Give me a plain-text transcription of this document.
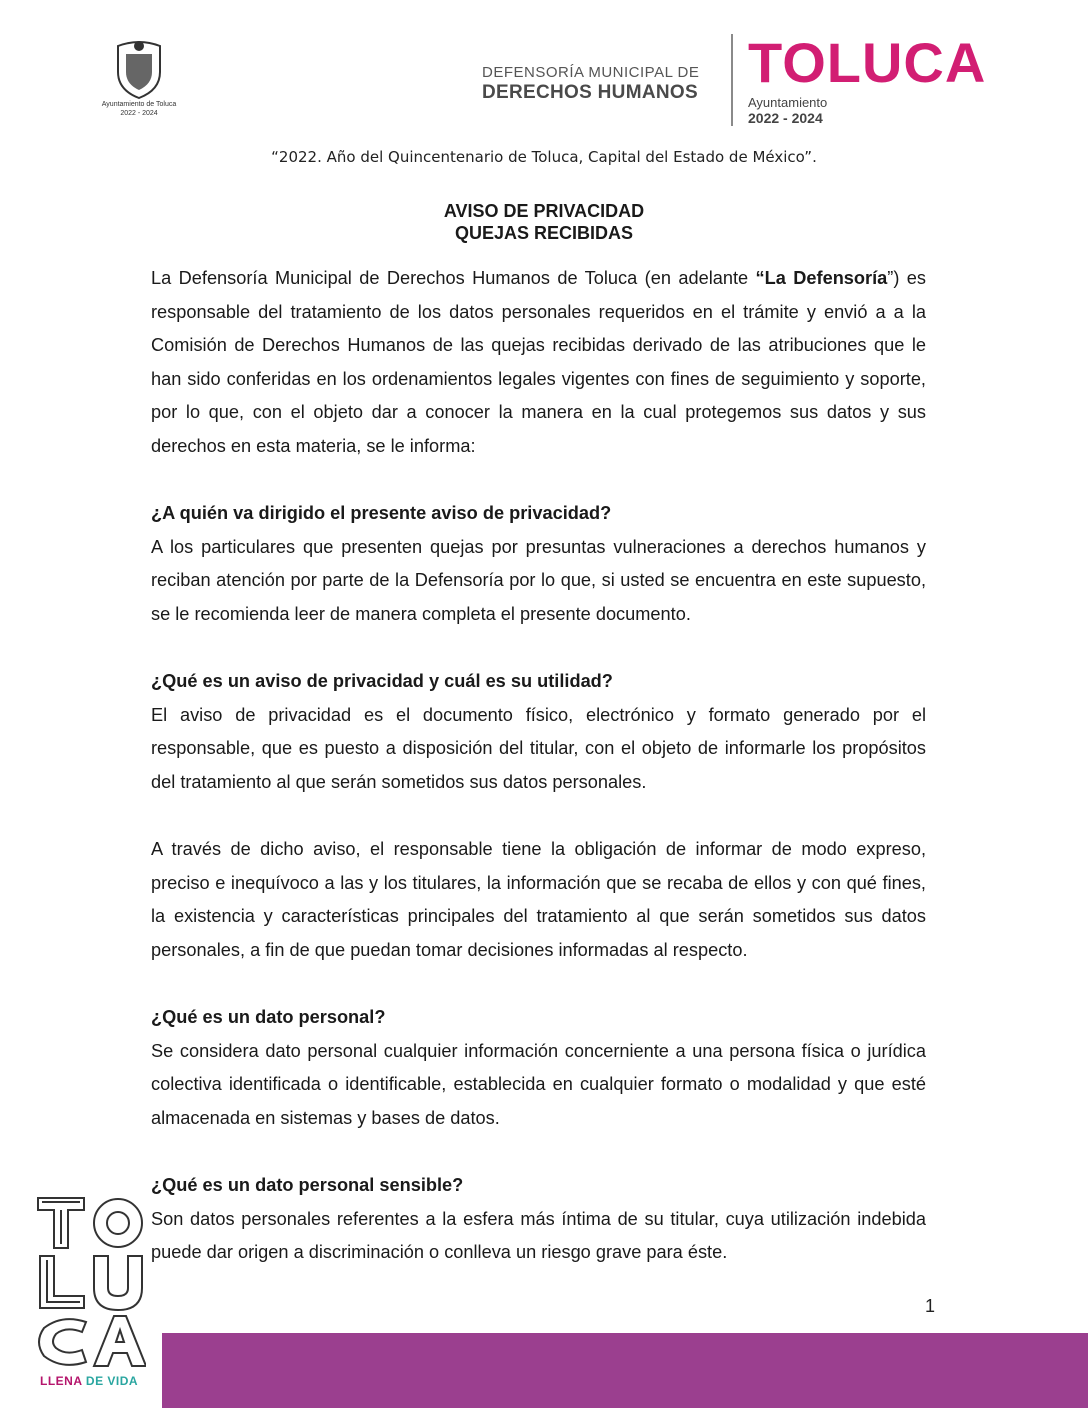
Ayuntamiento de Toluca
2022 - 2024
DEFENSORÍA MUNICIPAL DE
DERECHOS HUMANOS TOLUCA
Ayuntamiento
2022 - 2024
“2022. Año del Quincentenario de Toluca, Capital del Estado de México”.
AVISO DE PRIVACIDAD
QUEJAS RECIBIDAS

La Defensoría Municipal de Derechos Humanos de Toluca (en adelante “La Defensoría”) es responsable del tratamiento de los datos personales requeridos en el trámite y envió a a la Comisión de Derechos Humanos de las quejas recibidas derivado de las atribuciones que le han sido conferidas en los ordenamientos legales vigentes con fines de seguimiento y soporte, por lo que, con el objeto dar a conocer la manera en la cual protegemos sus datos y sus derechos en esta materia, se le informa:

¿A quién va dirigido el presente aviso de privacidad?

A los particulares que presenten quejas por presuntas vulneraciones a derechos humanos y reciban atención por parte de la Defensoría por lo que, si usted se encuentra en este supuesto, se le recomienda leer de manera completa el presente documento.

¿Qué es un aviso de privacidad y cuál es su utilidad?

El aviso de privacidad es el documento físico, electrónico y formato generado por el responsable, que es puesto a disposición del titular, con el objeto de informarle los propósitos del tratamiento al que serán sometidos sus datos personales.

A través de dicho aviso, el responsable tiene la obligación de informar de modo expreso, preciso e inequívoco a las y los titulares, la información que se recaba de ellos y con qué fines, la existencia y características principales del tratamiento al que serán sometidos sus datos personales, a fin de que puedan tomar decisiones informadas al respecto.

¿Qué es un dato personal?

Se considera dato personal cualquier información concerniente a una persona física o jurídica colectiva identificada o identificable, establecida en cualquier formato o modalidad y que esté almacenada en sistemas y bases de datos.

¿Qué es un dato personal sensible?

Son datos personales referentes a la esfera más íntima de su titular, cuya utilización indebida puede dar origen a discriminación o conlleva un riesgo grave para éste.

1
LLENA DE VIDA
